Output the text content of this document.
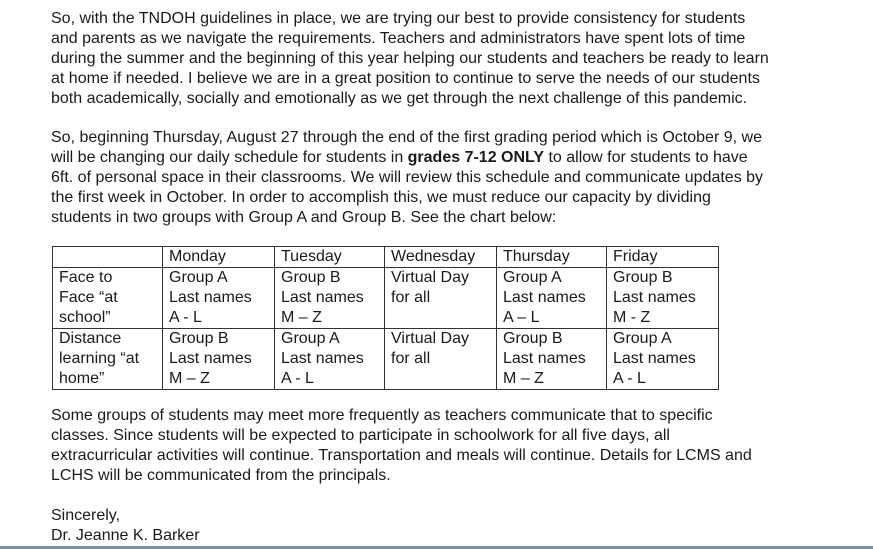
So, with the TNDOH guidelines in place, we are trying our best to provide consistency for students
and parents as we navigate the requirements. Teachers and administrators have spent lots of time
during the summer and the beginning of this year helping our students and teachers be ready to learn
at home if needed. I believe we are in a great position to continue to serve the needs of our students
both academically, socially and emotionally as we get through the next challenge of this pandemic.

So, beginning Thursday, August 27 through the end of the first grading period which is October 9, we
will be changing our daily schedule for students in grades 7-12 ONLY to allow for students to have
6ft. of personal space in their classrooms. We will review this schedule and communicate updates by
the first week in October. In order to accomplish this, we must reduce our capacity by dividing
students in two groups with Group A and Group B. See the chart below:

	Monday	Tuesday	Wednesday	Thursday	Friday

Face to
Face “at
school”	Group A
Last names
A - L	Group B
Last names
M – Z	Virtual Day
for all	Group A
Last names
A – L	Group B
Last names
M - Z

Distance
learning “at
home”	Group B
Last names
M – Z	Group A
Last names
A - L	Virtual Day
for all	Group B
Last names
M – Z	Group A
Last names
A - L

Some groups of students may meet more frequently as teachers communicate that to specific
classes. Since students will be expected to participate in schoolwork for all five days, all
extracurricular activities will continue. Transportation and meals will continue. Details for LCMS and
LCHS will be communicated from the principals.

Sincerely,
Dr. Jeanne K. Barker
